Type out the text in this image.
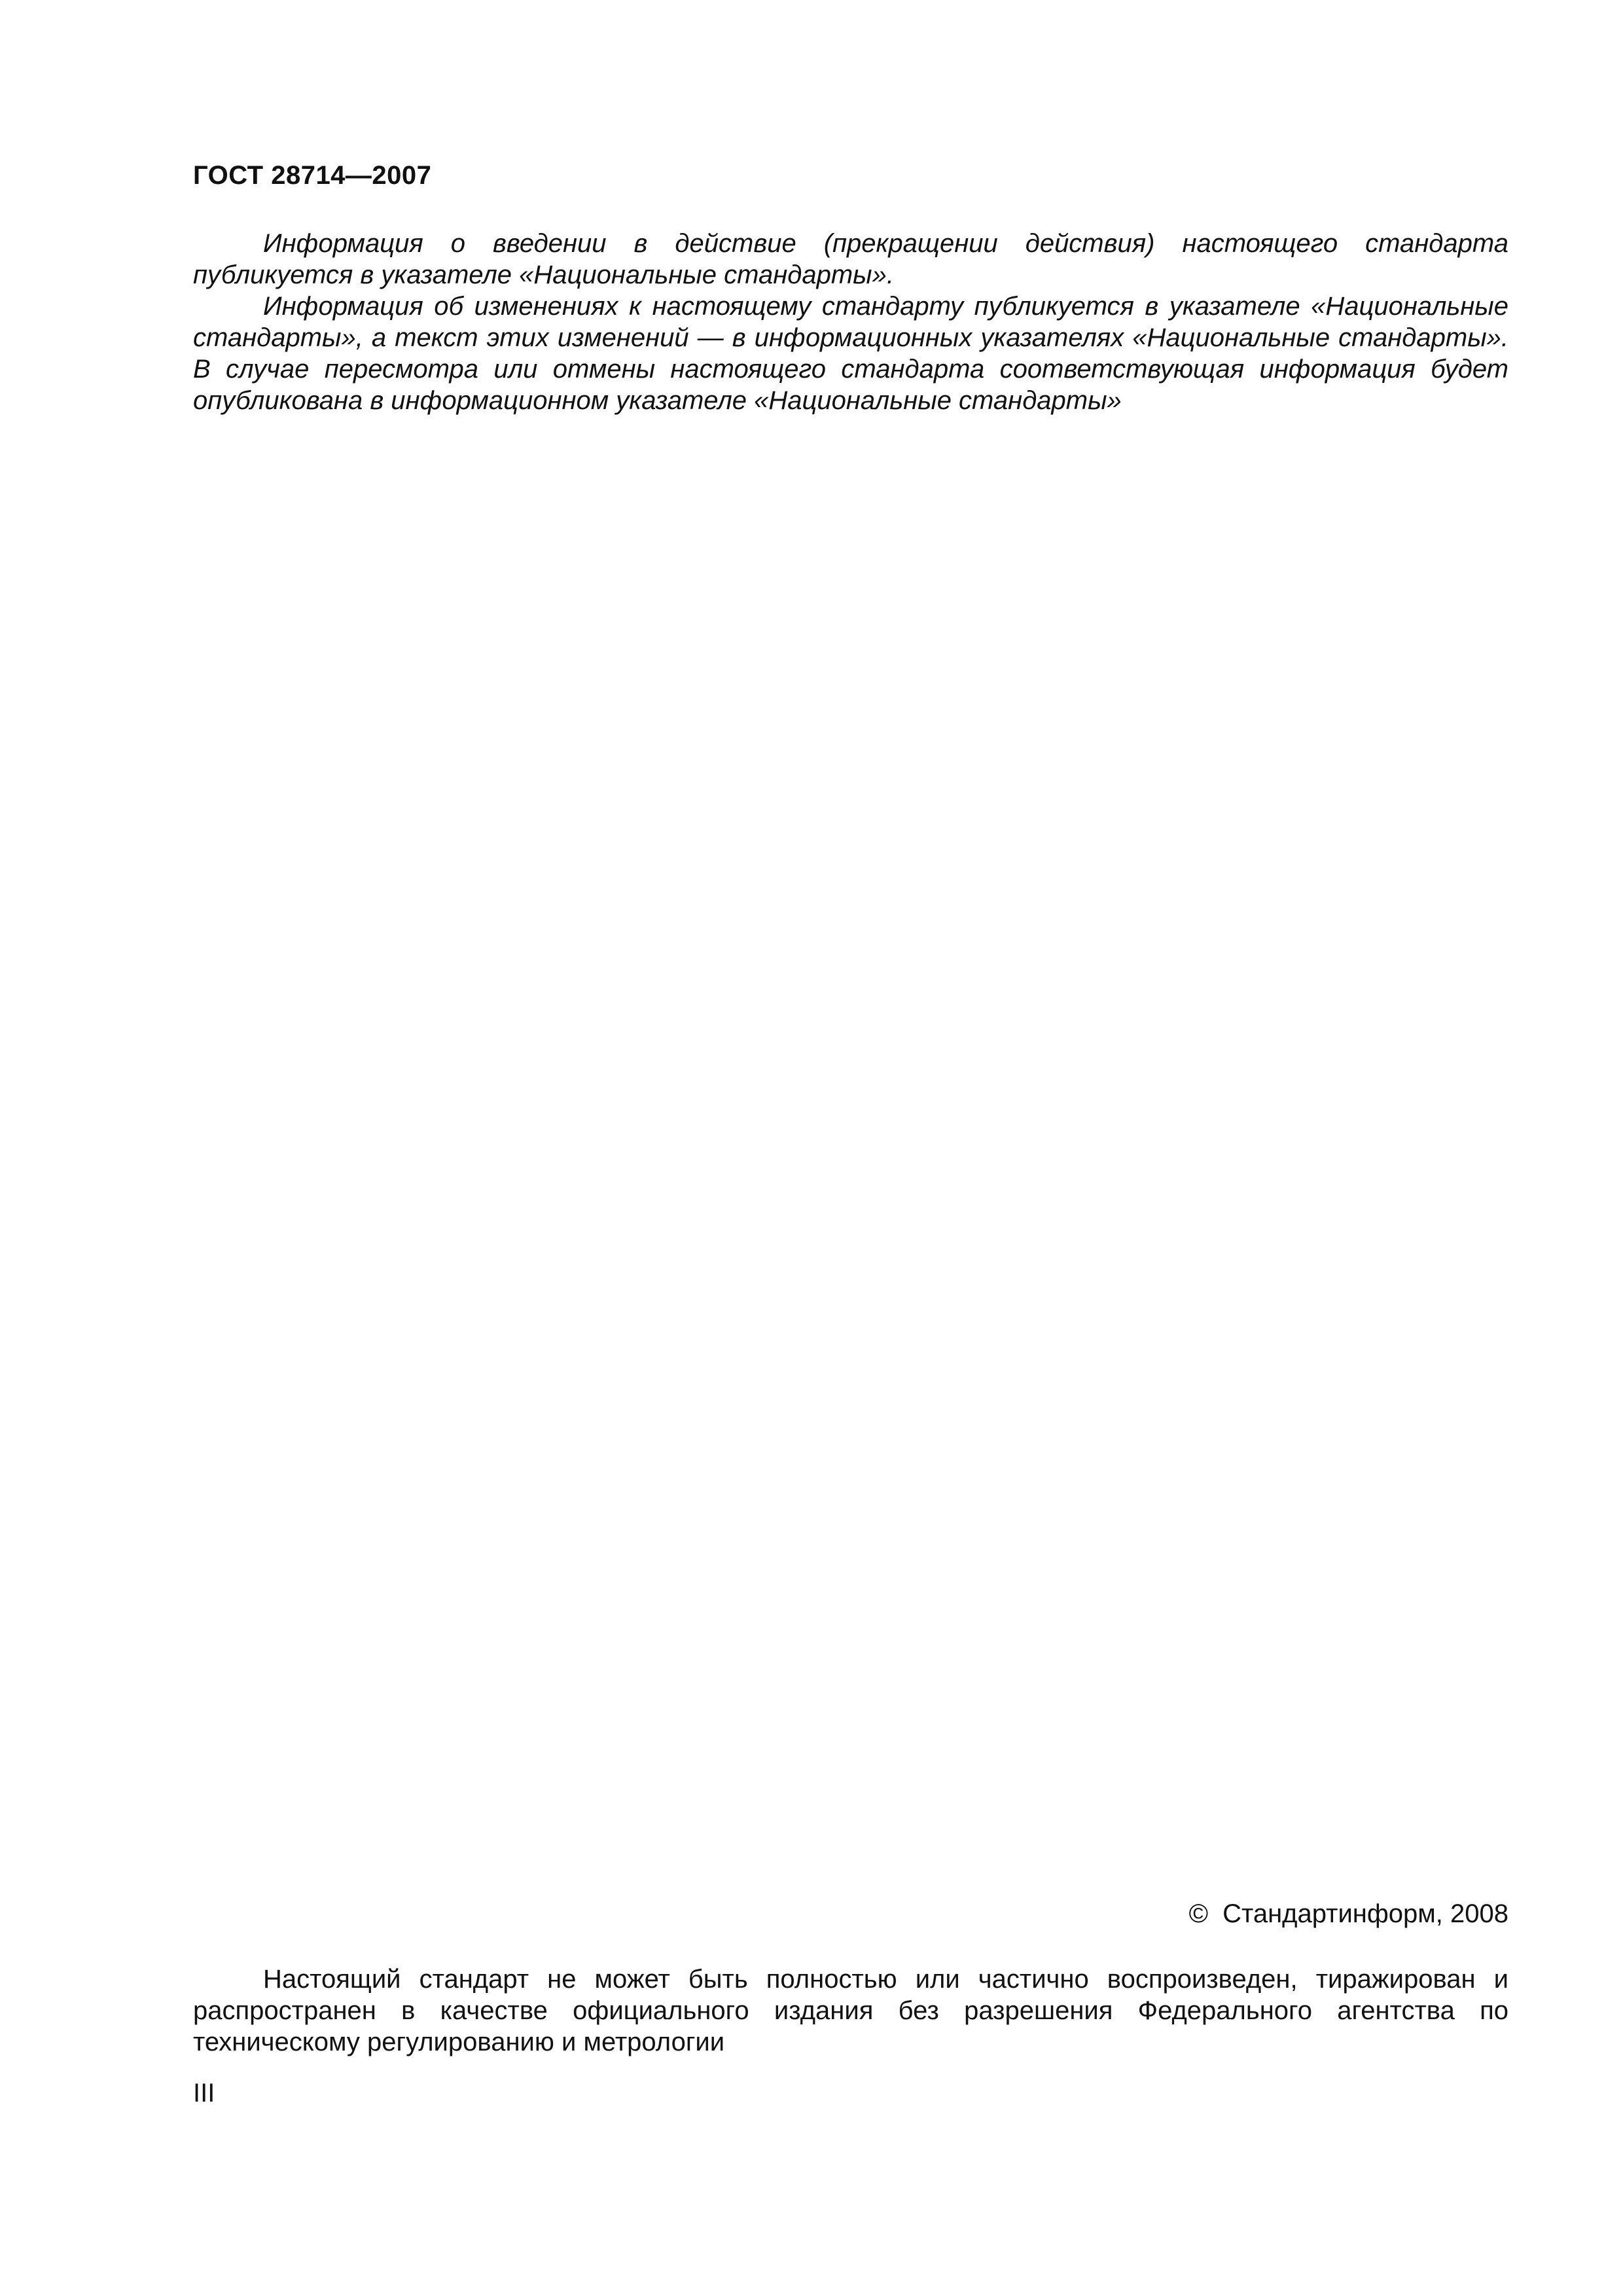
ГОСТ 28714—2007

Информация о введении в действие (прекращении действия) настоящего стандарта публикуется в указателе «Национальные стандарты».

Информация об изменениях к настоящему стандарту публикуется в указателе «Национальные стандарты», а текст этих изменений — в информационных указателях «Национальные стандарты». В случае пересмотра или отмены настоящего стандарта соответствующая информация будет опубликована в информационном указателе «Национальные стандарты»

© Стандартинформ, 2008

Настоящий стандарт не может быть полностью или частично воспроизведен, тиражирован и распространен в качестве официального издания без разрешения Федерального агентства по техническому регулированию и метрологии

III
